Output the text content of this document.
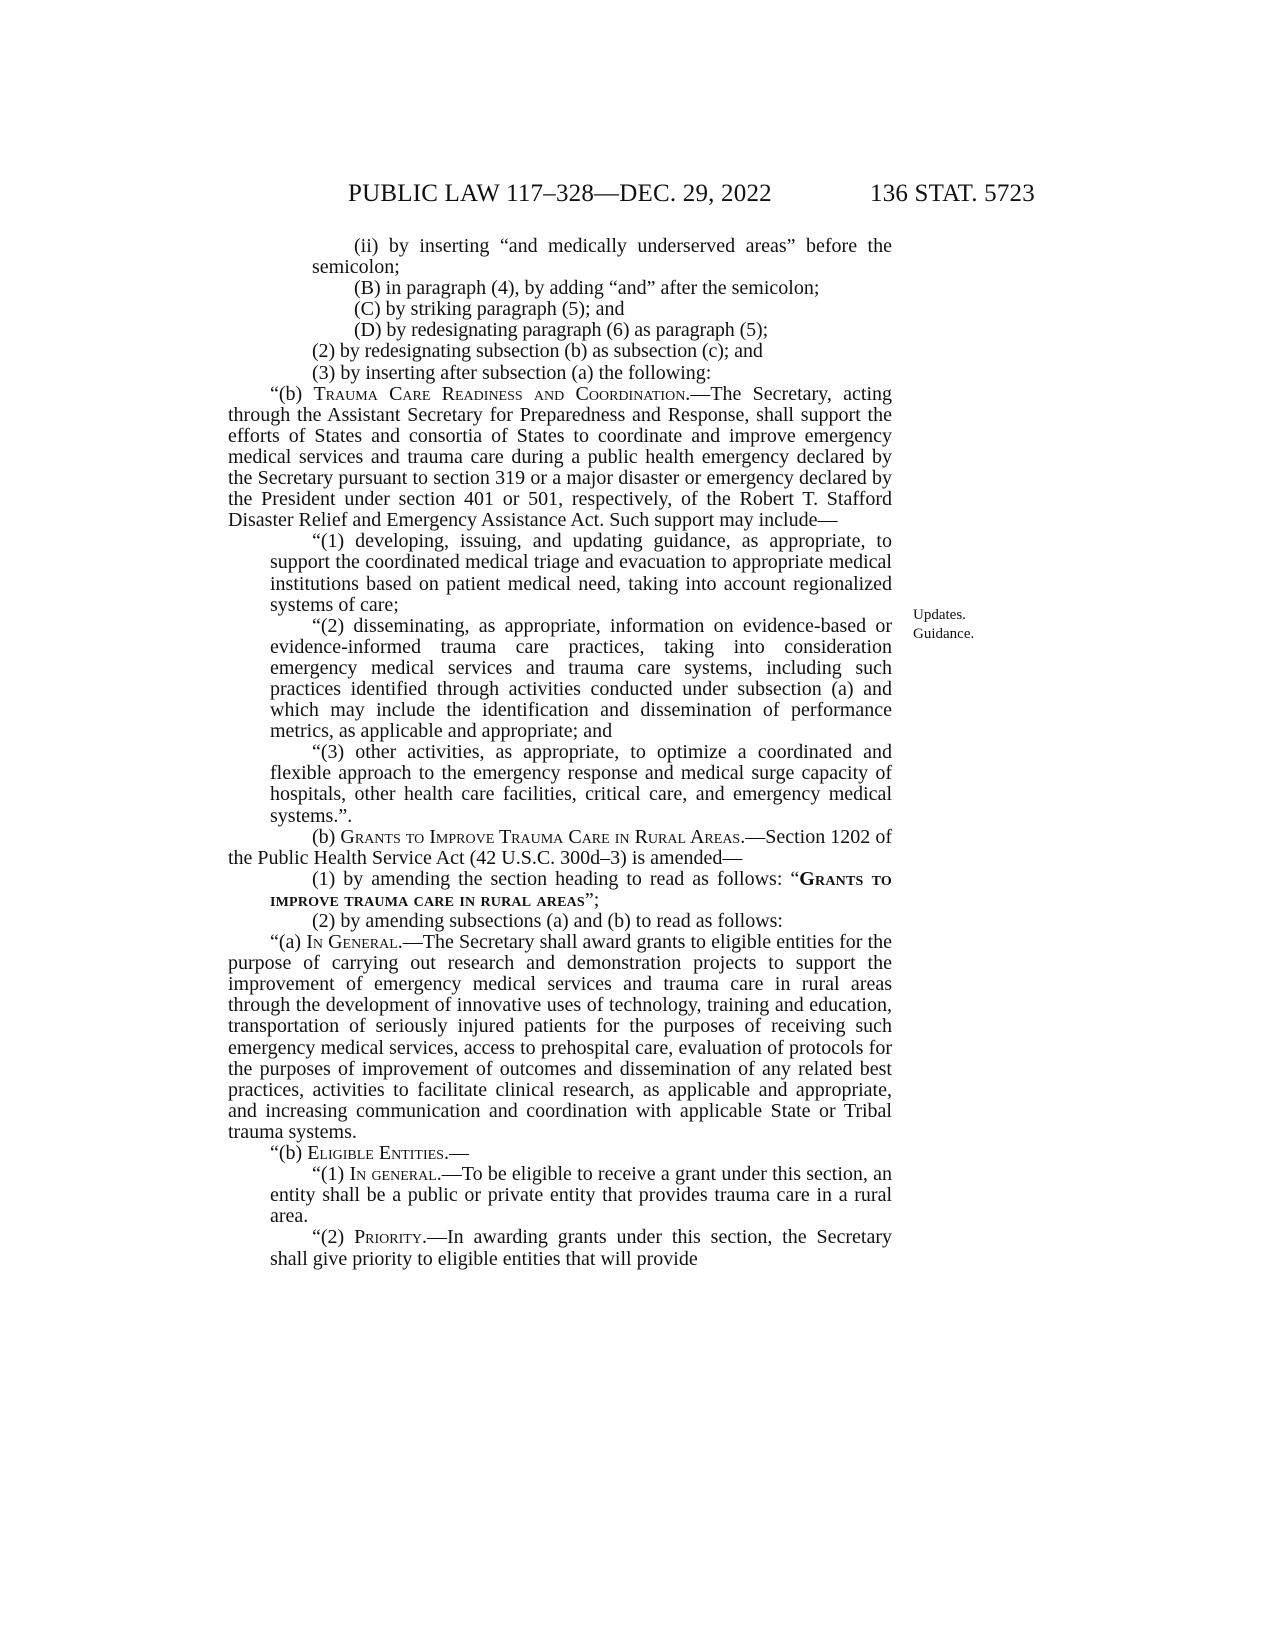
PUBLIC LAW 117–328—DEC. 29, 2022	136 STAT. 5723
Updates.
Guidance.

(ii) by inserting “and medically underserved areas” before the semicolon;

(B) in paragraph (4), by adding “and” after the semicolon;

(C) by striking paragraph (5); and

(D) by redesignating paragraph (6) as paragraph (5);

(2) by redesignating subsection (b) as subsection (c); and

(3) by inserting after subsection (a) the following:

“(b) Trauma Care Readiness and Coordination.—The Secretary, acting through the Assistant Secretary for Preparedness and Response, shall support the efforts of States and consortia of States to coordinate and improve emergency medical services and trauma care during a public health emergency declared by the Secretary pursuant to section 319 or a major disaster or emergency declared by the President under section 401 or 501, respectively, of the Robert T. Stafford Disaster Relief and Emergency Assistance Act. Such support may include—

“(1) developing, issuing, and updating guidance, as appropriate, to support the coordinated medical triage and evacuation to appropriate medical institutions based on patient medical need, taking into account regionalized systems of care;

“(2) disseminating, as appropriate, information on evidence-based or evidence-informed trauma care practices, taking into consideration emergency medical services and trauma care systems, including such practices identified through activities conducted under subsection (a) and which may include the identification and dissemination of performance metrics, as applicable and appropriate; and

“(3) other activities, as appropriate, to optimize a coordinated and flexible approach to the emergency response and medical surge capacity of hospitals, other health care facilities, critical care, and emergency medical systems.”.

(b) Grants to Improve Trauma Care in Rural Areas.—Section 1202 of the Public Health Service Act (42 U.S.C. 300d–3) is amended—

(1) by amending the section heading to read as follows: “Grants to improve trauma care in rural areas”;

(2) by amending subsections (a) and (b) to read as follows:

“(a) In General.—The Secretary shall award grants to eligible entities for the purpose of carrying out research and demonstration projects to support the improvement of emergency medical services and trauma care in rural areas through the development of innovative uses of technology, training and education, transportation of seriously injured patients for the purposes of receiving such emergency medical services, access to prehospital care, evaluation of protocols for the purposes of improvement of outcomes and dissemination of any related best practices, activities to facilitate clinical research, as applicable and appropriate, and increasing communication and coordination with applicable State or Tribal trauma systems.

“(b) Eligible Entities.—

“(1) In general.—To be eligible to receive a grant under this section, an entity shall be a public or private entity that provides trauma care in a rural area.

“(2) Priority.—In awarding grants under this section, the Secretary shall give priority to eligible entities that will provide
